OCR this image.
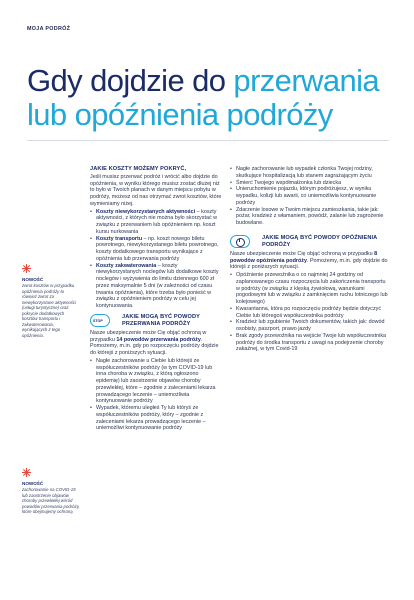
MOJA PODRÓŻ
Gdy dojdzie do przerwania
lub opóźnienia podróży
NOWOŚĆ
zwrot kosztów w przypadku opóźnienia podróży to również zwrot za niewykorzystane aktywności (usługi turystyczne) oraz pokrycie dodatkowych kosztów transportu i zakwaterowania, wynikających z tego opóźnienia.
NOWOŚĆ
zachorowanie na COVID-19 lub zaostrzenie objawów choroby przewlekłej wśród powodów przerwania podróży, które obejmujemy ochroną
JAKIE KOSZTY MOŻEMY POKRYĆ,

Jeśli musisz przerwać podróż i wrócić albo dojdzie do opóźnienia, w wyniku którego musisz zostać dłużej niż to było w Twoich planach w danym miejscu pobytu w podróży, możesz od nas otrzymać zwrot kosztów, które wymieniamy niżej.

• Koszty niewykorzystanych aktywności – koszty aktywności, z których nie można było skorzystać w związku z przerwaniem lub opóźnieniem np. koszt kursu nurkowania
• Koszty transportu – np. koszt nowego biletu powrotnego, niewykorzystanego biletu powrotnego, koszty dodatkowego transportu wynikające z opóźnienia lub przerwania podróży
• Koszty zakwaterowania – koszty niewykorzystanych noclegów lub dodatkowe koszty noclegów i wyżywienia do limitu dziennego 600 zł przez maksymalnie 5 dni (w zależności od czasu trwania opóźnienia), które trzeba było ponieść w związku z opóźnieniem podróży w celu jej kontynuowania.
STOP
JAKIE MOGĄ BYĆ POWODY PRZERWANIA PODRÓŻY

Nasze ubezpieczenie może Cię objąć ochroną w przypadku 14 powodów przerwania podróży. Pomożemy, m.in. gdy po rozpoczęciu podróży dojdzie do którejś z poniższych sytuacji.

• Nagłe zachorowanie u Ciebie lub którejś ze współuczestników podróży (w tym COVID-19 lub inna choroba w związku, z którą ogłoszono epidemię) lub zaostrzenie objawów choroby przewlekłej, które – zgodnie z zaleceniami lekarza prowadzącego leczenie – uniemożliwia kontynuowanie podróży
• Wypadek, któremu uległeś Ty lub któryś ze współuczestników podróży, który – zgodnie z zaleceniami lekarza prowadzącego leczenie – uniemożliwi kontynuowanie podróży
• Nagłe zachorowanie lub wypadek członka Twojej rodziny, skutkujące hospitalizacją lub stanem zagrażającym życiu
• Śmierć Twojego współmałżonka lub dziecka
• Unieruchomienie pojazdu, którym podróżujesz, w wyniku wypadku, kolizji lub awarii, co uniemożliwia kontynuowanie podróży
• Zdarzenie losowe w Twoim miejscu zamieszkania, takie jak: pożar, kradzież z włamaniem, powódź, zalanie lub zagrożenie budowlane.
JAKIE MOGĄ BYĆ POWODY OPÓŹNIENIA PODRÓŻY

Nasze ubezpieczenie może Cię objąć ochroną w przypadku 8 powodów opóźnienia podróży. Pomożemy, m.in. gdy dojdzie do którejś z poniższych sytuacji.

• Opóźnienie przewoźnika o co najmniej 24 godziny od zaplanowanego czasu rozpoczęcia lub zakończenia transportu w podróży (w związku z klęską żywiołową, warunkami pogodowymi lub w związku z zamknięciem ruchu lotniczego lub kolejowego)
• Kwarantanna, która po rozpoczęciu podróży będzie dotyczyć Ciebie lub któregoś współuczestnika podróży
• Kradzież lub zgubienie Twoich dokumentów, takich jak: dowód osobisty, paszport, prawo jazdy
• Brak zgody przewoźnika na wejście Twoje lub współuczestnika podróży do środka transportu z uwagi na podejrzenie choroby zakaźnej, w tym Covid-19
